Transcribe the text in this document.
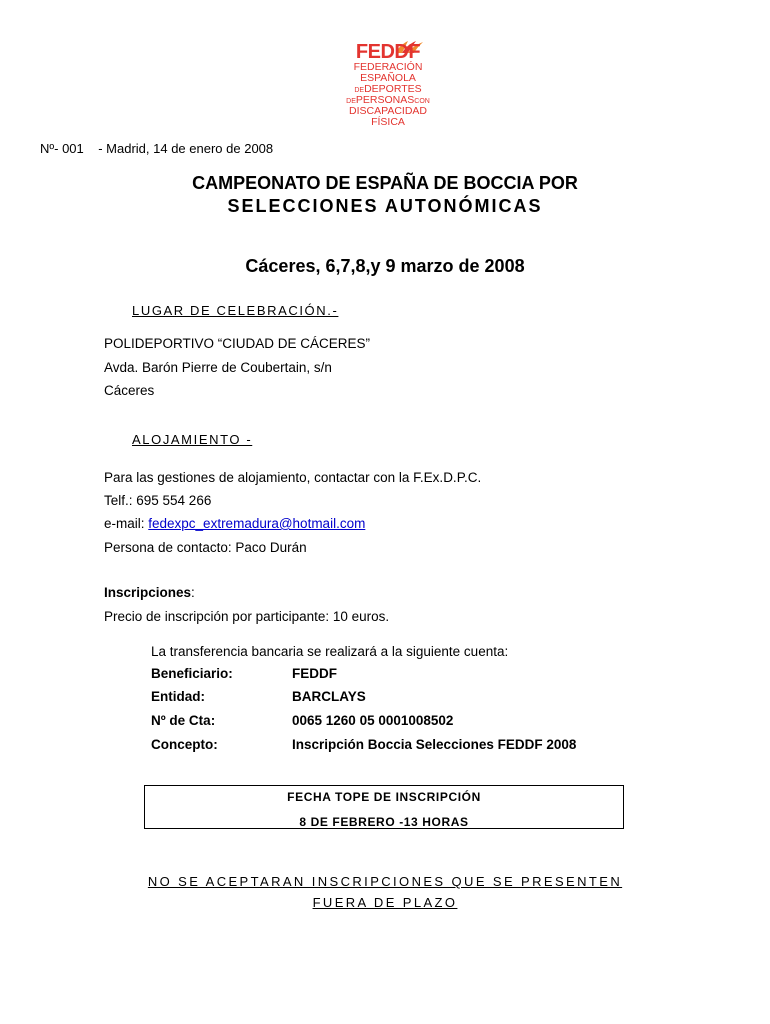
FEDDF
FEDERACIÓN
ESPAÑOLA
DEDEPORTES
DEPERSONASCON
DISCAPACIDAD
FÍSICA
Nº- 001 - Madrid, 14 de enero de 2008
CAMPEONATO DE ESPAÑA DE BOCCIA POR
SELECCIONES AUTONÓMICAS
Cáceres, 6,7,8,y 9 marzo de 2008
LUGAR DE CELEBRACIÓN.-
POLIDEPORTIVO “CIUDAD DE CÁCERES”
Avda. Barón Pierre de Coubertain, s/n
Cáceres
ALOJAMIENTO -
Para las gestiones de alojamiento, contactar con la F.Ex.D.P.C.
Telf.: 695 554 266
e-mail: fedexpc_extremadura@hotmail.com
Persona de contacto: Paco Durán
Inscripciones:
Precio de inscripción por participante: 10 euros.
La transferencia bancaria se realizará a la siguiente cuenta:
Beneficiario:	FEDDF
Entidad:	BARCLAYS
Nº de Cta:	0065 1260 05 0001008502
Concepto:	Inscripción Boccia Selecciones FEDDF 2008
FECHA TOPE DE INSCRIPCIÓN
8 DE FEBRERO -13 HORAS
NO SE ACEPTARAN INSCRIPCIONES QUE SE PRESENTEN
FUERA DE PLAZO
